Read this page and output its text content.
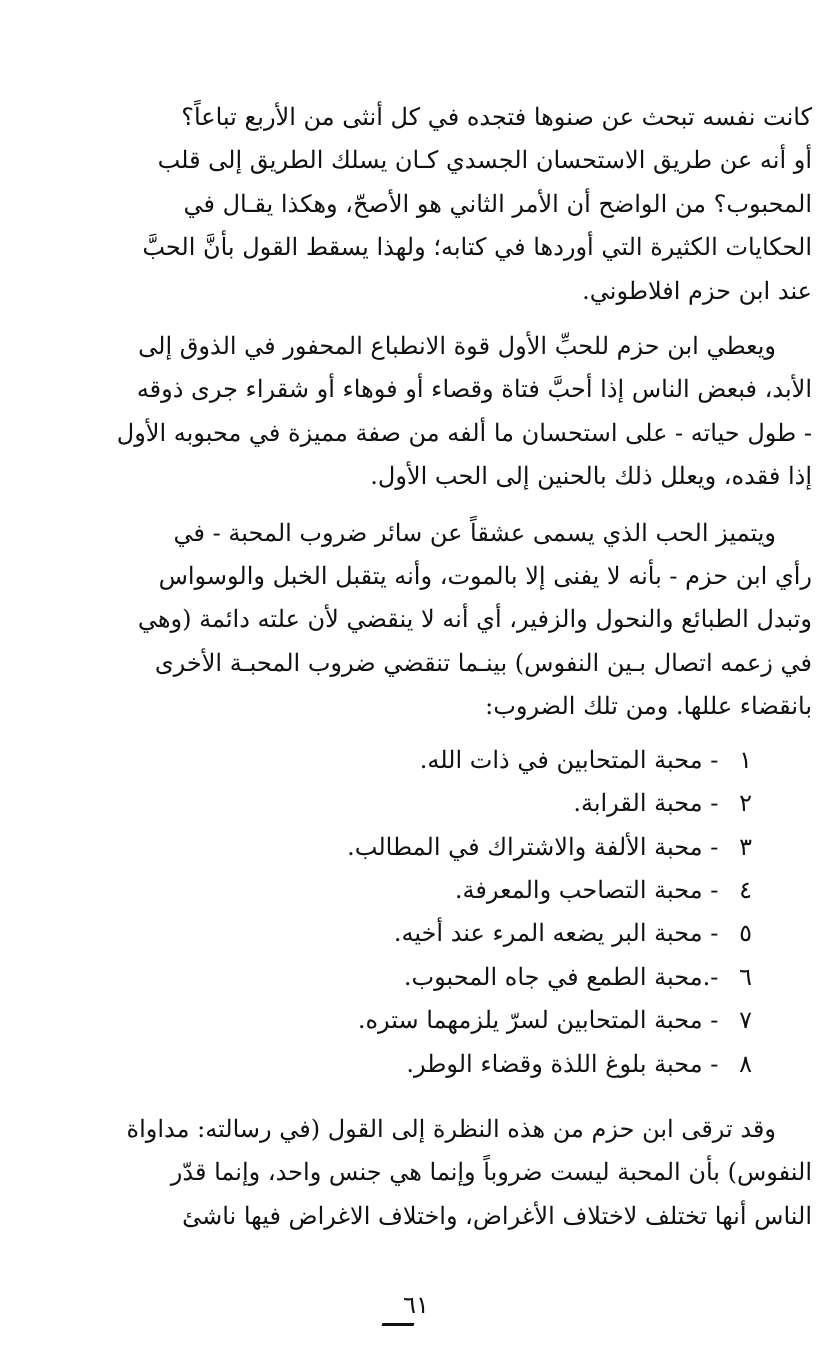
كانت نفسه تبحث عن صنوها فتجده في كل أنثى من الأربع تباعاً؟
أو أنه عن طريق الاستحسان الجسدي كـان يسلك الطريق إلى قلب
المحبوب؟ من الواضح أن الأمر الثاني هو الأصحّ، وهكذا يقـال في
الحكايات الكثيرة التي أوردها في كتابه؛ ولهذا يسقط القول بأنَّ الحبَّ
عند ابن حزم افلاطوني.

ويعطي ابن حزم للحبِّ الأول قوة الانطباع المحفور في الذوق إلى
الأبد، فبعض الناس إذا أحبَّ فتاة وقصاء أو فوهاء أو شقراء جرى ذوقه
- طول حياته - على استحسان ما ألفه من صفة مميزة في محبوبه الأول
إذا فقده، ويعلل ذلك بالحنين إلى الحب الأول.

ويتميز الحب الذي يسمى عشقاً عن سائر ضروب المحبة - في
رأي ابن حزم - بأنه لا يفنى إلا بالموت، وأنه يتقبل الخبل والوسواس
وتبدل الطبائع والنحول والزفير، أي أنه لا ينقضي لأن علته دائمة (وهي
في زعمه اتصال بـين النفوس) بينـما تنقضي ضروب المحبـة الأخرى
بانقضاء عللها. ومن تلك الضروب:

١ - محبة المتحابين في ذات الله.
٢ - محبة القرابة.
٣ - محبة الألفة والاشتراك في المطالب.
٤ - محبة التصاحب والمعرفة.
٥ - محبة البر يضعه المرء عند أخيه.
٦ -.محبة الطمع في جاه المحبوب.
٧ - محبة المتحابين لسرّ يلزمهما ستره.
٨ - محبة بلوغ اللذة وقضاء الوطر.

وقد ترقى ابن حزم من هذه النظرة إلى القول (في رسالته: مداواة
النفوس) بأن المحبة ليست ضروباً وإنما هي جنس واحد، وإنما قدّر
الناس أنها تختلف لاختلاف الأغراض، واختلاف الاغراض فيها ناشئ

٦١
